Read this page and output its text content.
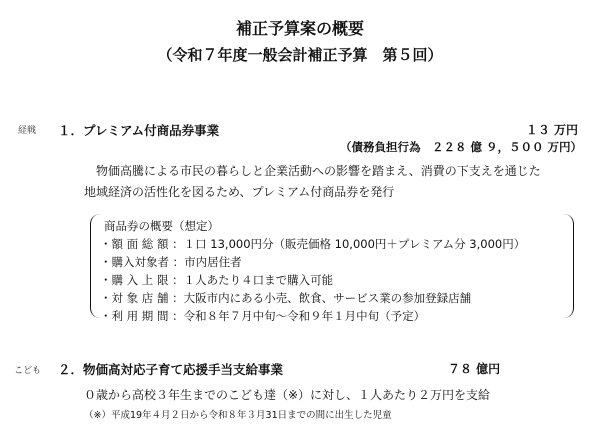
補正予算案の概要
（令和７年度一般会計補正予算　第５回）
経戦 １．プレミアム付商品券事業	１３ 万円
（債務負担行為　２２８ 億 ９，５００ 万円）
物価高騰による市民の暮らしと企業活動への影響を踏まえ、消費の下支えを通じた
地域経済の活性化を図るため、プレミアム付商品券を発行
商品券の概要（想定）
・額 面 総 額 ：１口 13,000円分（販売価格 10,000円＋プレミアム分 3,000円）
・購入対象者 ：市内居住者
・購 入 上 限 ：１人あたり４口まで購入可能
・対 象 店 舗 ：大阪市内にある小売、飲食、サービス業の参加登録店舗
・利 用 期 間 ：令和８年７月中旬～令和９年１月中旬（予定）
こども ２．物価高対応子育て応援手当支給事業	７８ 億円
０歳から高校３年生までのこども達（※）に対し、１人あたり２万円を支給
（※）平成19年４月２日から令和８年３月31日までの間に出生した児童
